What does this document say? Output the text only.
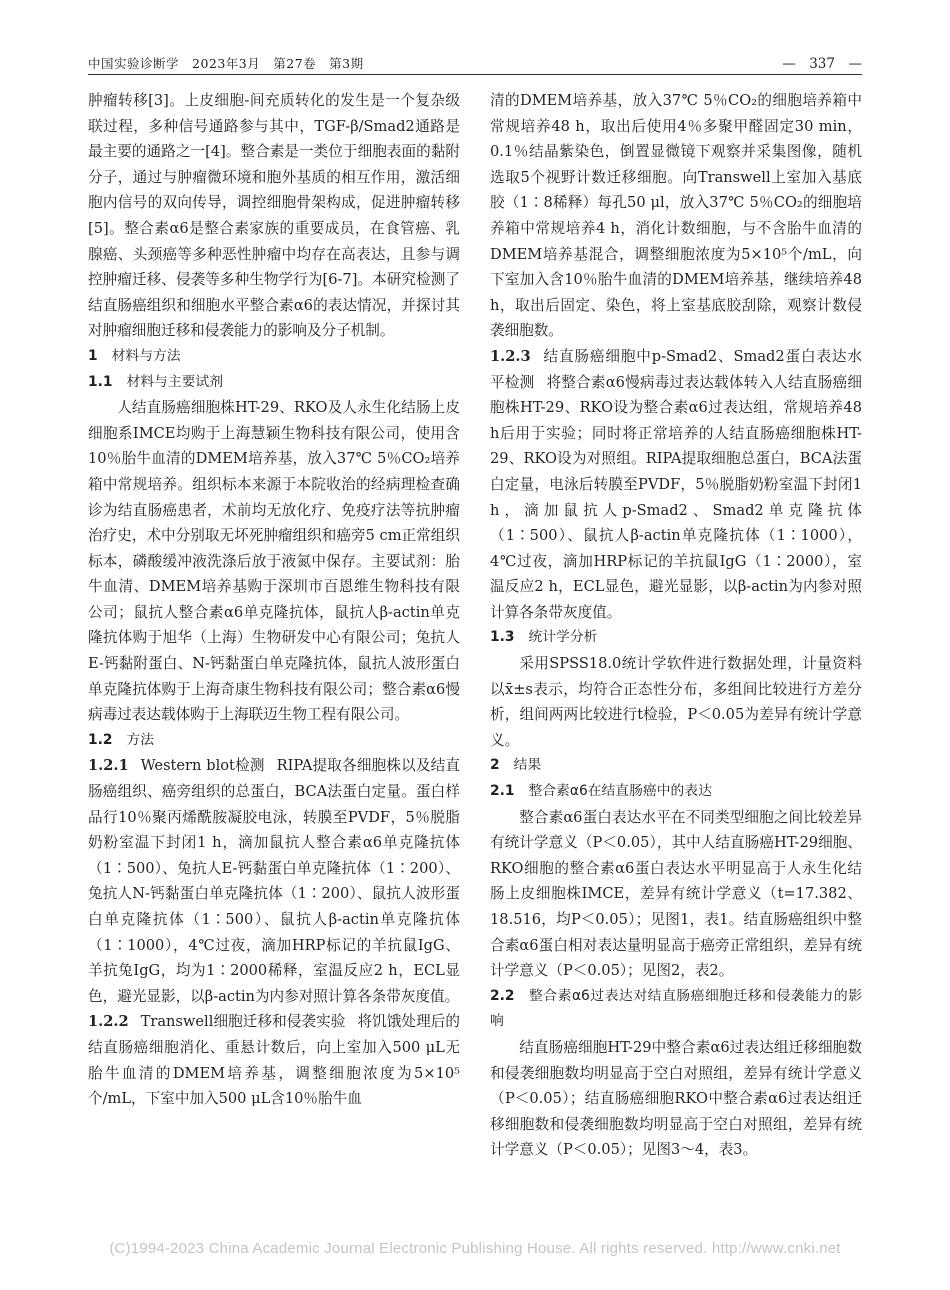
中国实验诊断学　2023年3月　第27卷　第3期	—　337　—

肿瘤转移[3]。上皮细胞-间充质转化的发生是一个复杂级联过程，多种信号通路参与其中，TGF-β/Smad2通路是最主要的通路之一[4]。整合素是一类位于细胞表面的黏附分子，通过与肿瘤微环境和胞外基质的相互作用，激活细胞内信号的双向传导，调控细胞骨架构成，促进肿瘤转移[5]。整合素α6是整合素家族的重要成员，在食管癌、乳腺癌、头颈癌等多种恶性肿瘤中均存在高表达，且参与调控肿瘤迁移、侵袭等多种生物学行为[6-7]。本研究检测了结直肠癌组织和细胞水平整合素α6的表达情况，并探讨其对肿瘤细胞迁移和侵袭能力的影响及分子机制。

1 材料与方法

1.1 材料与主要试剂

人结直肠癌细胞株HT-29、RKO及人永生化结肠上皮细胞系IMCE均购于上海慧颖生物科技有限公司，使用含10％胎牛血清的DMEM培养基，放入37℃ 5％CO₂培养箱中常规培养。组织标本来源于本院收治的经病理检查确诊为结直肠癌患者，术前均无放化疗、免疫疗法等抗肿瘤治疗史，术中分别取无坏死肿瘤组织和癌旁5 cm正常组织标本，磷酸缓冲液洗涤后放于液氮中保存。主要试剂：胎牛血清、DMEM培养基购于深圳市百恩维生物科技有限公司；鼠抗人整合素α6单克隆抗体，鼠抗人β-actin单克隆抗体购于旭华（上海）生物研发中心有限公司；兔抗人E-钙黏附蛋白、N-钙黏蛋白单克隆抗体，鼠抗人波形蛋白单克隆抗体购于上海奇康生物科技有限公司；整合素α6慢病毒过表达载体购于上海联迈生物工程有限公司。

1.2 方法

1.2.1 Western blot检测 RIPA提取各细胞株以及结直肠癌组织、癌旁组织的总蛋白，BCA法蛋白定量。蛋白样品行10％聚丙烯酰胺凝胶电泳，转膜至PVDF，5％脱脂奶粉室温下封闭1 h，滴加鼠抗人整合素α6单克隆抗体（1∶500）、兔抗人E-钙黏蛋白单克隆抗体（1∶200）、兔抗人N-钙黏蛋白单克隆抗体（1∶200）、鼠抗人波形蛋白单克隆抗体（1∶500）、鼠抗人β-actin单克隆抗体（1∶1000），4℃过夜，滴加HRP标记的羊抗鼠IgG、羊抗兔IgG，均为1∶2000稀释，室温反应2 h，ECL显色，避光显影，以β-actin为内参对照计算各条带灰度值。

1.2.2 Transwell细胞迁移和侵袭实验 将饥饿处理后的结直肠癌细胞消化、重悬计数后，向上室加入500 μL无胎牛血清的DMEM培养基，调整细胞浓度为5×10⁵个/mL，下室中加入500 μL含10％胎牛血

清的DMEM培养基，放入37℃ 5％CO₂的细胞培养箱中常规培养48 h，取出后使用4％多聚甲醛固定30 min，0.1％结晶紫染色，倒置显微镜下观察并采集图像，随机选取5个视野计数迁移细胞。向Transwell上室加入基底胶（1∶8稀释）每孔50 μl，放入37℃ 5％CO₂的细胞培养箱中常规培养4 h，消化计数细胞，与不含胎牛血清的DMEM培养基混合，调整细胞浓度为5×10⁵个/mL，向下室加入含10％胎牛血清的DMEM培养基，继续培养48 h，取出后固定、染色，将上室基底胶刮除，观察计数侵袭细胞数。

1.2.3 结直肠癌细胞中p-Smad2、Smad2蛋白表达水平检测 将整合素α6慢病毒过表达载体转入人结直肠癌细胞株HT-29、RKO设为整合素α6过表达组，常规培养48 h后用于实验；同时将正常培养的人结直肠癌细胞株HT-29、RKO设为对照组。RIPA提取细胞总蛋白，BCA法蛋白定量，电泳后转膜至PVDF，5％脱脂奶粉室温下封闭1 h，滴加鼠抗人p-Smad2、Smad2单克隆抗体（1∶500）、鼠抗人β-actin单克隆抗体（1∶1000），4℃过夜，滴加HRP标记的羊抗鼠IgG（1∶2000），室温反应2 h，ECL显色，避光显影，以β-actin为内参对照计算各条带灰度值。

1.3 统计学分析

采用SPSS18.0统计学软件进行数据处理，计量资料以x̄±s表示，均符合正态性分布，多组间比较进行方差分析，组间两两比较进行t检验，P＜0.05为差异有统计学意义。

2 结果

2.1 整合素α6在结直肠癌中的表达

整合素α6蛋白表达水平在不同类型细胞之间比较差异有统计学意义（P＜0.05），其中人结直肠癌HT-29细胞、RKO细胞的整合素α6蛋白表达水平明显高于人永生化结肠上皮细胞株IMCE，差异有统计学意义（t=17.382、18.516，均P＜0.05）；见图1，表1。结直肠癌组织中整合素α6蛋白相对表达量明显高于癌旁正常组织，差异有统计学意义（P＜0.05）；见图2，表2。

2.2 整合素α6过表达对结直肠癌细胞迁移和侵袭能力的影响

结直肠癌细胞HT-29中整合素α6过表达组迁移细胞数和侵袭细胞数均明显高于空白对照组，差异有统计学意义（P＜0.05）；结直肠癌细胞RKO中整合素α6过表达组迁移细胞数和侵袭细胞数均明显高于空白对照组，差异有统计学意义（P＜0.05）；见图3～4，表3。

(C)1994-2023 China Academic Journal Electronic Publishing House. All rights reserved. http://www.cnki.net
